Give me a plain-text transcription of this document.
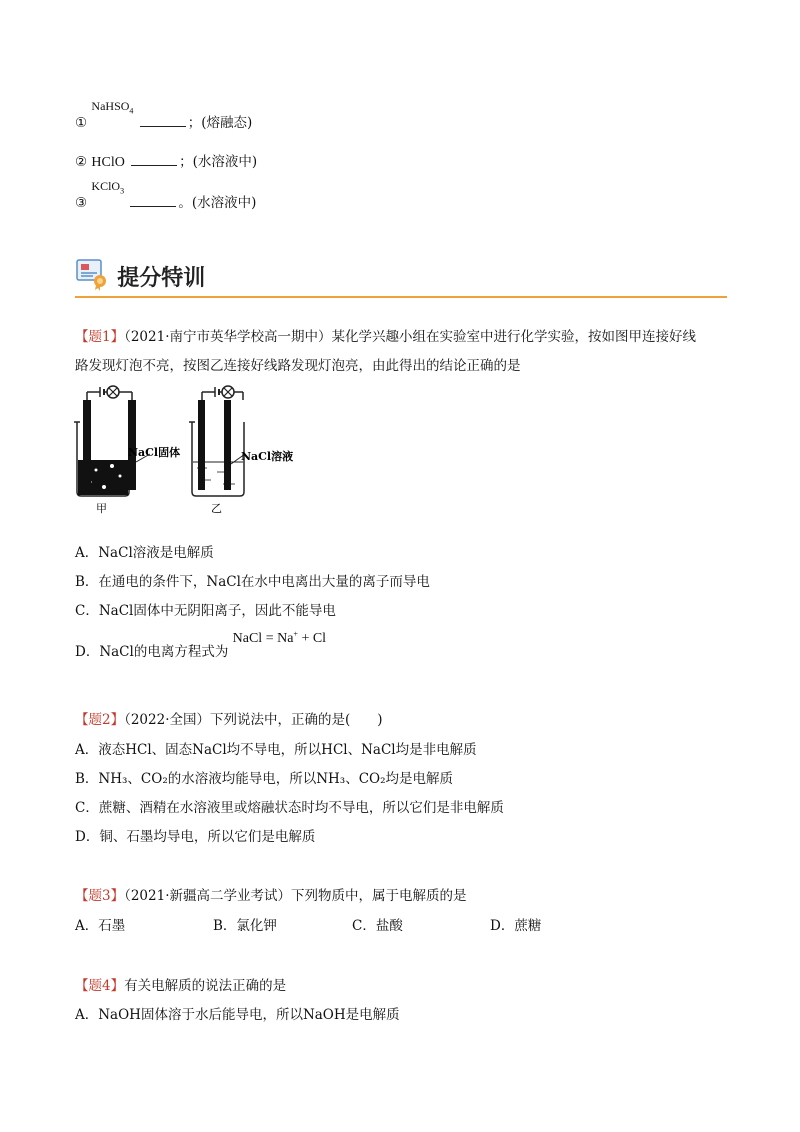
① NaHSO$_4$ ；(熔融态)
② HClO	；(水溶液中)
③ KClO$_3$ 。(水溶液中)
提分特训
【题1】（2021·南宁市英华学校高一期中）某化学兴趣小组在实验室中进行化学实验，按如图甲连接好线
路发现灯泡不亮，按图乙连接好线路发现灯泡亮，由此得出的结论正确的是
NaCl固体
甲
NaCl溶液
乙
A．NaCl溶液是电解质
B．在通电的条件下，NaCl在水中电离出大量的离子而导电
C．NaCl固体中无阴阳离子，因此不能导电
D．NaCl的电离方程式为 NaCl = Na+ + Cl
【题2】（2022·全国）下列说法中，正确的是(　　)
A．液态HCl、固态NaCl均不导电，所以HCl、NaCl均是非电解质
B．NH₃、CO₂的水溶液均能导电，所以NH₃、CO₂均是电解质
C．蔗糖、酒精在水溶液里或熔融状态时均不导电，所以它们是非电解质
D．铜、石墨均导电，所以它们是电解质
【题3】（2021·新疆高二学业考试）下列物质中，属于电解质的是
A．石墨	B．氯化钾	C．盐酸	D．蔗糖
【题4】有关电解质的说法正确的是
A．NaOH固体溶于水后能导电，所以NaOH是电解质
